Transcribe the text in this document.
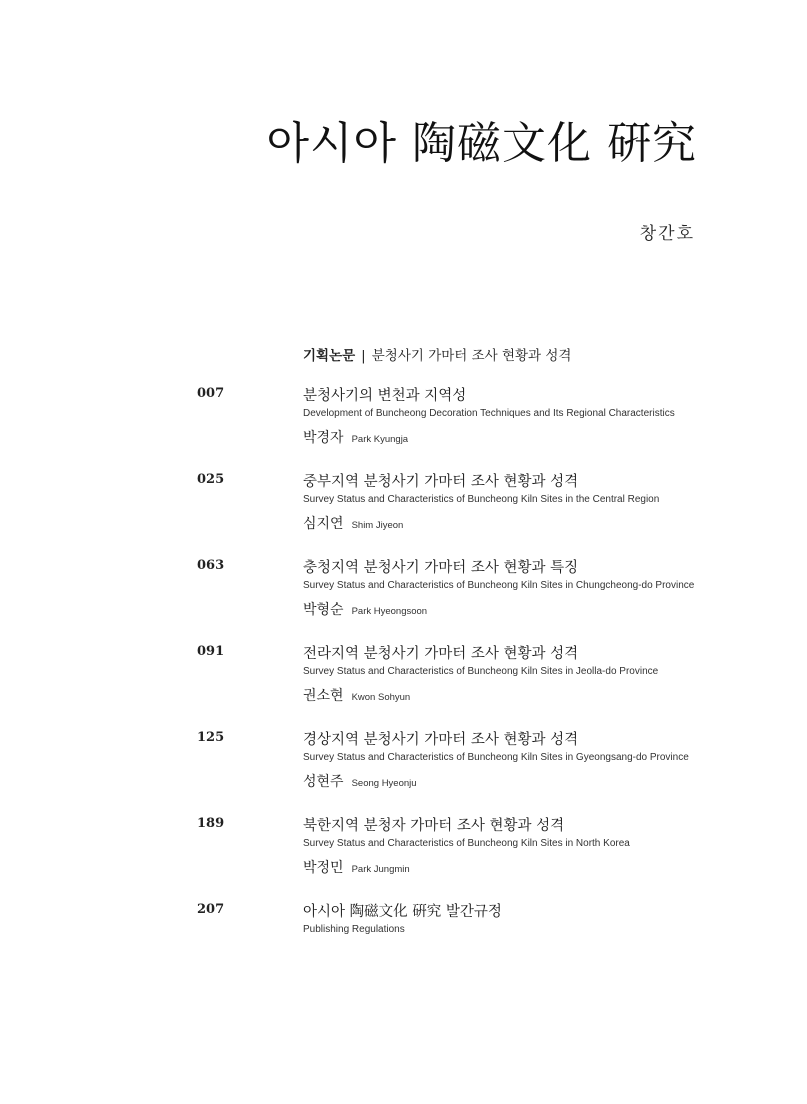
아시아 陶磁文化 硏究
창간호
기획논문 | 분청사기 가마터 조사 현황과 성격
007	분청사기의 변천과 지역성
Development of Buncheong Decoration Techniques and Its Regional Characteristics
박경자 Park Kyungja
025	중부지역 분청사기 가마터 조사 현황과 성격
Survey Status and Characteristics of Buncheong Kiln Sites in the Central Region
심지연 Shim Jiyeon
063	충청지역 분청사기 가마터 조사 현황과 특징
Survey Status and Characteristics of Buncheong Kiln Sites in Chungcheong-do Province
박형순 Park Hyeongsoon
091	전라지역 분청사기 가마터 조사 현황과 성격
Survey Status and Characteristics of Buncheong Kiln Sites in Jeolla-do Province
권소현 Kwon Sohyun
125	경상지역 분청사기 가마터 조사 현황과 성격
Survey Status and Characteristics of Buncheong Kiln Sites in Gyeongsang-do Province
성현주 Seong Hyeonju
189	북한지역 분청자 가마터 조사 현황과 성격
Survey Status and Characteristics of Buncheong Kiln Sites in North Korea
박정민 Park Jungmin
207	아시아 陶磁文化 硏究 발간규정
Publishing Regulations
